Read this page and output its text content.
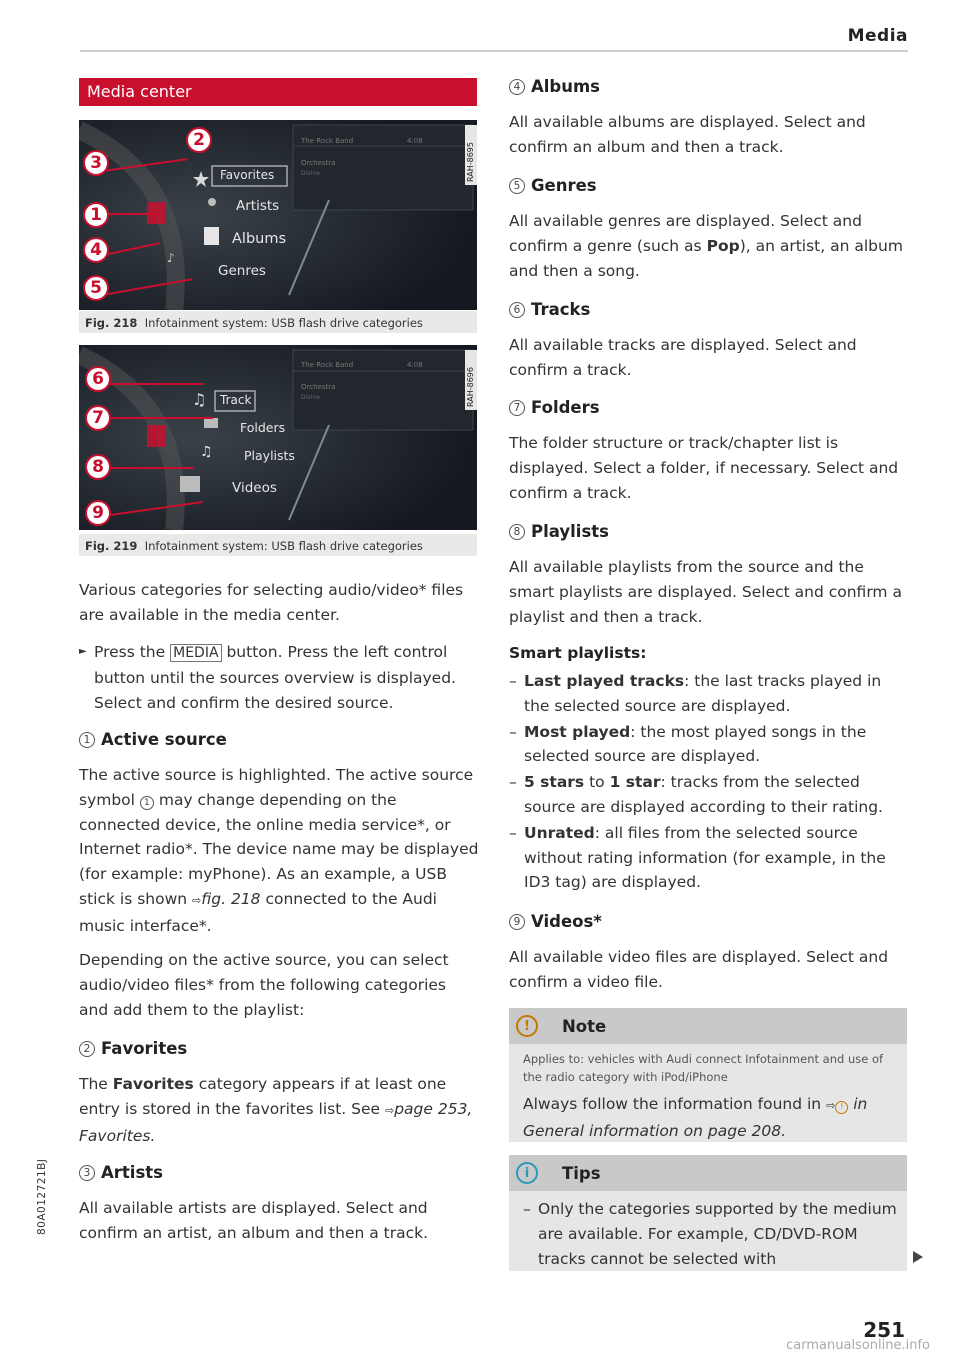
Media
Media center
The Rock Band	4:08
Orchestra
Divine	RAH-8695
♪
Favorites
Artists
Albums
Genres
2
3
1
4
5
Fig. 218 Infotainment system: USB flash drive categories
The Rock Band	4:08
Orchestra
Divine	RAH-8696
♫
♫
Track
Folders
Playlists
Videos
6
7
8
9
Fig. 219 Infotainment system: USB flash drive categories
Various categories for selecting audio/video* files are available in the media center.
► Press the MEDIA button. Press the left control button until the sources overview is displayed. Select and confirm the desired source.
1 Active source
The active source is highlighted. The active source symbol 1 may change depending on the connected device, the online media service*, or Internet radio*. The device name may be displayed (for example: myPhone). As an example, a USB stick is shown ⇨fig. 218 connected to the Audi music interface*.
Depending on the active source, you can select audio/video files* from the following categories and add them to the playlist:
2 Favorites
The Favorites category appears if at least one entry is stored in the favorites list. See ⇨page 253, Favorites.
3 Artists
All available artists are displayed. Select and confirm an artist, an album and then a track.
4 Albums
All available albums are displayed. Select and confirm an album and then a track.
5 Genres
All available genres are displayed. Select and confirm a genre (such as Pop), an artist, an album and then a song.
6 Tracks
All available tracks are displayed. Select and confirm a track.
7 Folders
The folder structure or track/chapter list is displayed. Select a folder, if necessary. Select and confirm a track.
8 Playlists
All available playlists from the source and the smart playlists are displayed. Select and confirm a playlist and then a track.
Smart playlists:
– Last played tracks: the last tracks played in the selected source are displayed.
– Most played: the most played songs in the selected source are displayed.
– 5 stars to 1 star: tracks from the selected source are displayed according to their rating.
– Unrated: all files from the selected source without rating information (for example, in the ID3 tag) are displayed.
9 Videos*
All available video files are displayed. Select and confirm a video file.
!	Note
Applies to: vehicles with Audi connect Infotainment and use of the radio category with iPod/iPhone
Always follow the information found in ⇨ ! in General information on page 208.
i	Tips
– Only the categories supported by the medium are available. For example, CD/DVD-ROM tracks cannot be selected with
251
80A012721BJ
carmanualsonline.info
